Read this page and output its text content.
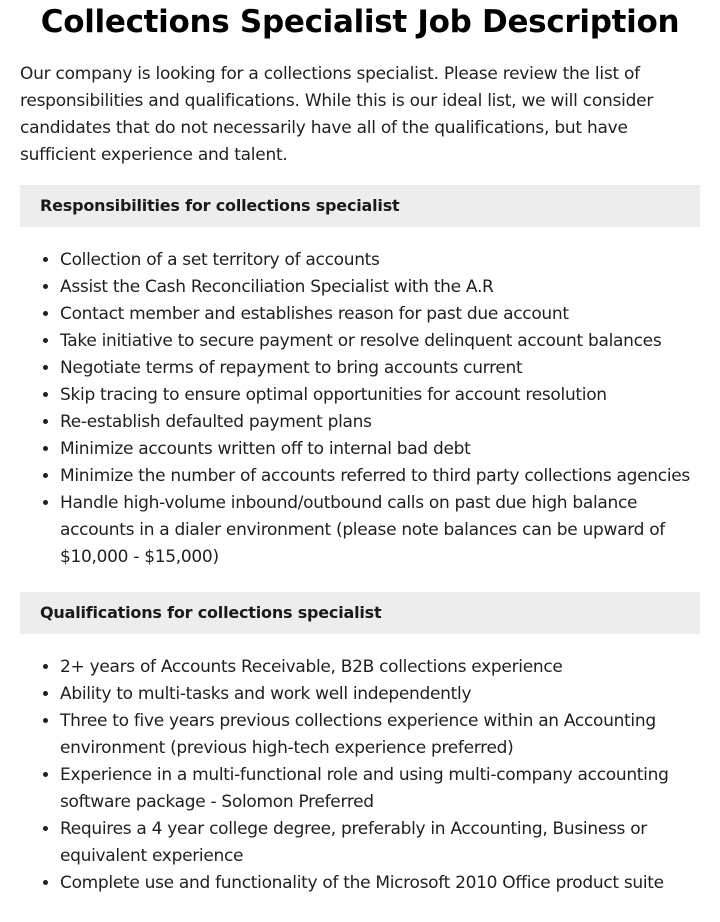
Collections Specialist Job Description

Our company is looking for a collections specialist. Please review the list of responsibilities and qualifications. While this is our ideal list, we will consider candidates that do not necessarily have all of the qualifications, but have sufficient experience and talent.

Responsibilities for collections specialist
• Collection of a set territory of accounts
• Assist the Cash Reconciliation Specialist with the A.R
• Contact member and establishes reason for past due account
• Take initiative to secure payment or resolve delinquent account balances
• Negotiate terms of repayment to bring accounts current
• Skip tracing to ensure optimal opportunities for account resolution
• Re-establish defaulted payment plans
• Minimize accounts written off to internal bad debt
• Minimize the number of accounts referred to third party collections agencies
• Handle high-volume inbound/outbound calls on past due high balance accounts in a dialer environment (please note balances can be upward of $10,000 - $15,000)
Qualifications for collections specialist
• 2+ years of Accounts Receivable, B2B collections experience
• Ability to multi-tasks and work well independently
• Three to five years previous collections experience within an Accounting environment (previous high-tech experience preferred)
• Experience in a multi-functional role and using multi-company accounting software package - Solomon Preferred
• Requires a 4 year college degree, preferably in Accounting, Business or equivalent experience
• Complete use and functionality of the Microsoft 2010 Office product suite
